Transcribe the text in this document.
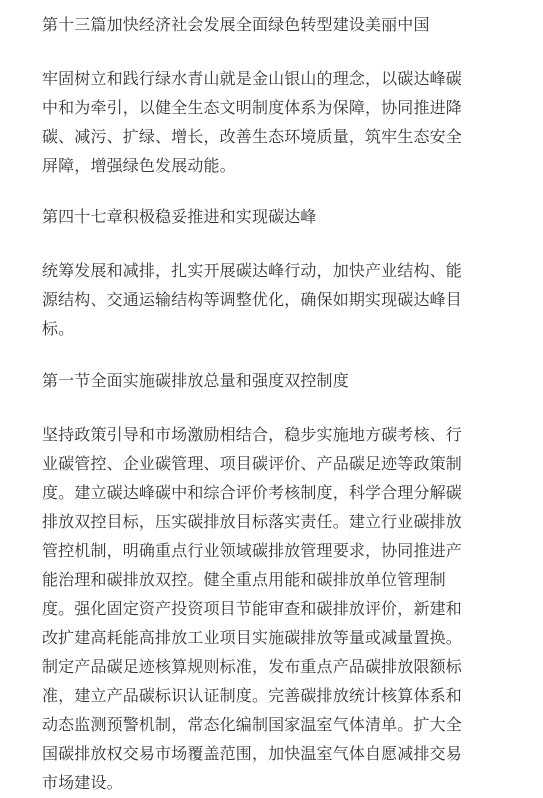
第十三篇加快经济社会发展全面绿色转型建设美丽中国

牢固树立和践行绿水青山就是金山银山的理念，以碳达峰碳
中和为牵引，以健全生态文明制度体系为保障，协同推进降
碳、减污、扩绿、增长，改善生态环境质量，筑牢生态安全
屏障，增强绿色发展动能。

第四十七章积极稳妥推进和实现碳达峰

统筹发展和减排，扎实开展碳达峰行动，加快产业结构、能
源结构、交通运输结构等调整优化，确保如期实现碳达峰目
标。

第一节全面实施碳排放总量和强度双控制度

坚持政策引导和市场激励相结合，稳步实施地方碳考核、行
业碳管控、企业碳管理、项目碳评价、产品碳足迹等政策制
度。建立碳达峰碳中和综合评价考核制度，科学合理分解碳
排放双控目标，压实碳排放目标落实责任。建立行业碳排放
管控机制，明确重点行业领域碳排放管理要求，协同推进产
能治理和碳排放双控。健全重点用能和碳排放单位管理制
度。强化固定资产投资项目节能审查和碳排放评价，新建和
改扩建高耗能高排放工业项目实施碳排放等量或减量置换。
制定产品碳足迹核算规则标准，发布重点产品碳排放限额标
准，建立产品碳标识认证制度。完善碳排放统计核算体系和
动态监测预警机制，常态化编制国家温室气体清单。扩大全
国碳排放权交易市场覆盖范围，加快温室气体自愿减排交易
市场建设。
